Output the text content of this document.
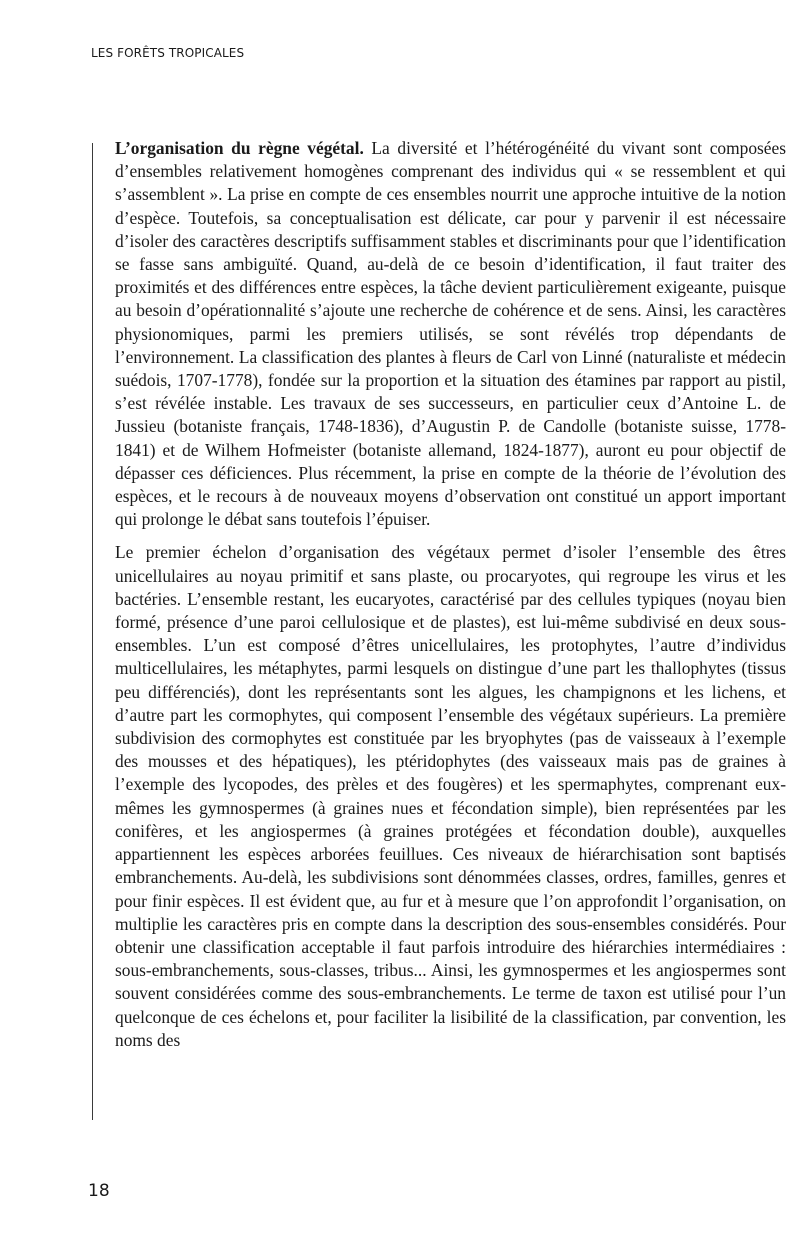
LES FORÊTS TROPICALES

L’organisation du règne végétal. La diversité et l’hétérogénéité du vivant sont composées d’ensembles relativement homogènes comprenant des individus qui « se ressemblent et qui s’assemblent ». La prise en compte de ces ensembles nourrit une approche intuitive de la notion d’espèce. Toutefois, sa conceptualisation est délicate, car pour y parvenir il est nécessaire d’isoler des caractères descriptifs suffisamment stables et discriminants pour que l’identification se fasse sans ambiguïté. Quand, au-delà de ce besoin d’identification, il faut traiter des proximités et des différences entre espèces, la tâche devient particulièrement exigeante, puisque au besoin d’opérationnalité s’ajoute une recherche de cohérence et de sens. Ainsi, les caractères physionomiques, parmi les premiers utilisés, se sont révélés trop dépendants de l’environnement. La classification des plantes à fleurs de Carl von Linné (naturaliste et médecin suédois, 1707-1778), fondée sur la proportion et la situation des étamines par rapport au pistil, s’est révélée instable. Les travaux de ses successeurs, en particulier ceux d’Antoine L. de Jussieu (botaniste français, 1748-1836), d’Augustin P. de Candolle (botaniste suisse, 1778-1841) et de Wilhem Hofmeister (botaniste allemand, 1824-1877), auront eu pour objectif de dépasser ces déficiences. Plus récemment, la prise en compte de la théorie de l’évolution des espèces, et le recours à de nouveaux moyens d’observation ont constitué un apport important qui prolonge le débat sans toutefois l’épuiser.

Le premier échelon d’organisation des végétaux permet d’isoler l’ensemble des êtres unicellulaires au noyau primitif et sans plaste, ou procaryotes, qui regroupe les virus et les bactéries. L’ensemble restant, les eucaryotes, caractérisé par des cellules typiques (noyau bien formé, présence d’une paroi cellulosique et de plastes), est lui-même subdivisé en deux sous-ensembles. L’un est composé d’êtres unicellulaires, les protophytes, l’autre d’individus multicellulaires, les métaphytes, parmi lesquels on distingue d’une part les thallophytes (tissus peu différenciés), dont les représentants sont les algues, les champignons et les lichens, et d’autre part les cormophytes, qui composent l’ensemble des végétaux supérieurs. La première subdivision des cormophytes est constituée par les bryophytes (pas de vaisseaux à l’exemple des mousses et des hépatiques), les ptéridophytes (des vaisseaux mais pas de graines à l’exemple des lycopodes, des prèles et des fougères) et les spermaphytes, comprenant eux-mêmes les gymnospermes (à graines nues et fécondation simple), bien représentées par les conifères, et les angiospermes (à graines protégées et fécondation double), auxquelles appartiennent les espèces arborées feuillues. Ces niveaux de hiérarchisation sont baptisés embranchements. Au-delà, les subdivisions sont dénommées classes, ordres, familles, genres et pour finir espèces. Il est évident que, au fur et à mesure que l’on approfondit l’organisation, on multiplie les caractères pris en compte dans la description des sous-ensembles considérés. Pour obtenir une classification acceptable il faut parfois introduire des hiérarchies intermédiaires : sous-embranchements, sous-classes, tribus... Ainsi, les gymnospermes et les angiospermes sont souvent considérées comme des sous-embranchements. Le terme de taxon est utilisé pour l’un quelconque de ces échelons et, pour faciliter la lisibilité de la classification, par convention, les noms des

18
